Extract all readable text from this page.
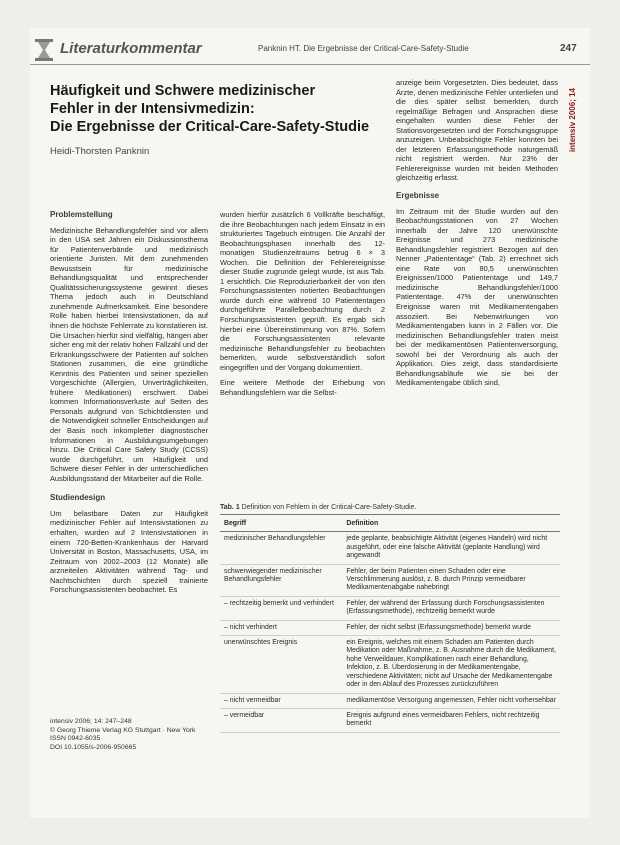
Literaturkommentar	Panknin HT. Die Ergebnisse der Critical-Care-Safety-Studie	247
intensiv 2006; 14
Häufigkeit und Schwere medizinischer
Fehler in der Intensivmedizin:
Die Ergebnisse der Critical-Care-Safety-Studie
Heidi-Thorsten Panknin
Problemstellung

Medizinische Behandlungsfehler sind vor allem in den USA seit Jahren ein Diskussionsthema für Patientenverbände und medizinisch orientierte Juristen. Mit dem zunehmenden Bewusstsein für medizinische Behandlungsqualität und entsprechender Qualitätssicherungssysteme gewinnt dieses Thema jedoch auch in Deutschland zunehmende Aufmerksamkeit. Eine besondere Rolle haben hierbei Intensivstationen, da auf ihnen die höchste Fehlerrate zu konstatieren ist. Die Ursachen hierfür sind vielfältig, hängen aber sicher eng mit der relativ hohen Fallzahl und der Erkrankungsschwere der Patienten auf solchen Stationen zusammen, die eine gründliche Kenntnis des Patienten und seiner speziellen Vorgeschichte (Allergien, Unverträglichkeiten, frühere Medikationen) erschwert. Dabei kommen Informationsverluste auf Seiten des Personals aufgrund von Schichtdiensten und die Notwendigkeit schneller Entscheidungen auf der Basis noch inkompletter diagnostischer Informationen in Ausbildungsumgebungen hinzu. Die Critical Care Safety Study (CCSS) wurde durchgeführt, um Häufigkeit und Schwere dieser Fehler in der unterschiedlichen Ausbildungsstand der Mitarbeiter auf die Rolle.

Studiendesign

Um belastbare Daten zur Häufigkeit medizinischer Fehler auf Intensivstationen zu erhalten, wurden auf 2 Intensivstationen in einem 720-Betten-Krankenhaus der Harvard Universität in Boston, Massachusetts, USA, im Zeitraum von 2002–2003 (12 Monate) alle arzneiteilen Aktivitäten während Tag- und Nachtschichten durch speziell trainierte Forschungsassistenten beobachtet. Es

intensiv 2006; 14: 247–248
© Georg Thieme Verlag KG Stuttgart · New York
ISSN 0942-6035
DOI 10.1055/s-2006-950665

wurden hierfür zusätzlich 6 Vollkräfte beschäftigt, die ihre Beobachtungen nach jedem Einsatz in ein strukturiertes Tagebuch eintrugen. Die Anzahl der Beobachtungsphasen innerhalb des 12-monatigen Studienzeitraums betrug 6 × 3 Wochen. Die Definition der Fehlerereignisse dieser Studie zugrunde gelegt wurde, ist aus Tab. 1 ersichtlich. Die Reproduzierbarkeit der von den Forschungsassistenten notierten Beobachtungen wurde durch eine während 10 Patiententagen durchgeführte Parallelbeobachtung durch 2 Forschungsassistenten geprüft. Es ergab sich hierbei eine Übereinstimmung von 87%. Sofern die Forschungsassistenten relevante medizinische Behandlungsfehler zu beobachten bemerkten, wurde selbstverständlich sofort eingegriffen und der Vorgang dokumentiert.

Eine weitere Methode der Erhebung von Behandlungsfehlern war die Selbst-

anzeige beim Vorgesetzten. Dies bedeutet, dass Ärzte, denen medizinische Fehler unterliefen und die dies später selbst bemerkten, durch regelmäßige Befragen und Ansprachen diese eingehalten wurden diese Fehler der Stationsvorgesetzten und der Forschungsgruppe anzuzeigen. Unbeabsichtigte Fehler konnten bei der letzteren Erfassungsmethode naturgemäß nicht registriert werden. Nur 23% der Fehlerereignisse wurden mit beiden Methoden gleichzeitig erfasst.

Ergebnisse

Im Zeitraum mit der Studie wurden auf den Beobachtungsstationen von 27 Wochen innerhalb der Jahre 120 unerwünschte Ereignisse und 273 medizinische Behandlungsfehler registriert. Bezogen auf den Nenner „Patiententage“ (Tab. 2) errechnet sich eine Rate von 80,5 unerwünschten Ereignissen/1000 Patiententage und 149,7 medizinische Behandlungsfehler/1000 Patiententage. 47% der unerwünschten Ereignisse waren mit Medikamentengaben assoziiert. Bei Nebenwirkungen von Medikamentengaben kann in 2 Fällen vor. Die medizinischen Behandlungsfehler traten meist bei der medikamentösen Patientenversorgung, sowohl bei der Verordnung als auch der Applikation. Dies zeigt, dass standardisierte Behandlungsabläufe wie sie bei der Medikamentengabe üblich sind,

Tab. 1 Definition von Fehlern in der Critical-Care-Safety-Studie.
Begriff	Definition
medizinischer Behandlungsfehler	jede geplante, beabsichtigte Aktivität (eigenes Handeln) wird nicht ausgeführt, oder eine falsche Aktivität (geplante Handlung) wird angewandt
schwerwiegender medizinischer Behandlungsfehler	Fehler, der beim Patienten einen Schaden oder eine Verschlimmerung auslöst, z. B. durch Prinzip vermeidbarer Medikamentenabgabe nahebringt
– rechtzeitig bemerkt und verhindert	Fehler, der während der Erfassung durch Forschungsassistenten (Erfassungsmethode), rechtzeitig bemerkt wurde
– nicht verhindert	Fehler, der nicht selbst (Erfassungsmethode) bemerkt wurde
unerwünschtes Ereignis	ein Ereignis, welches mit einem Schaden am Patienten durch Medikation oder Maßnahme, z. B. Ausnahme durch die Medikament, hohe Verweildauer, Komplikationen nach einer Behandlung, Infektion, z. B. Überdosierung in der Medikamentengabe, verschiedene Aktivitäten; nicht auf Ursache der Medikamentengabe oder in den Ablauf des Prozesses zurückzuführen
– nicht vermeidbar	medikamentöse Versorgung angemessen, Fehler nicht vorhersehbar
– vermeidbar	Ereignis aufgrund eines vermeidbaren Fehlers, nicht rechtzeitig bemerkt
